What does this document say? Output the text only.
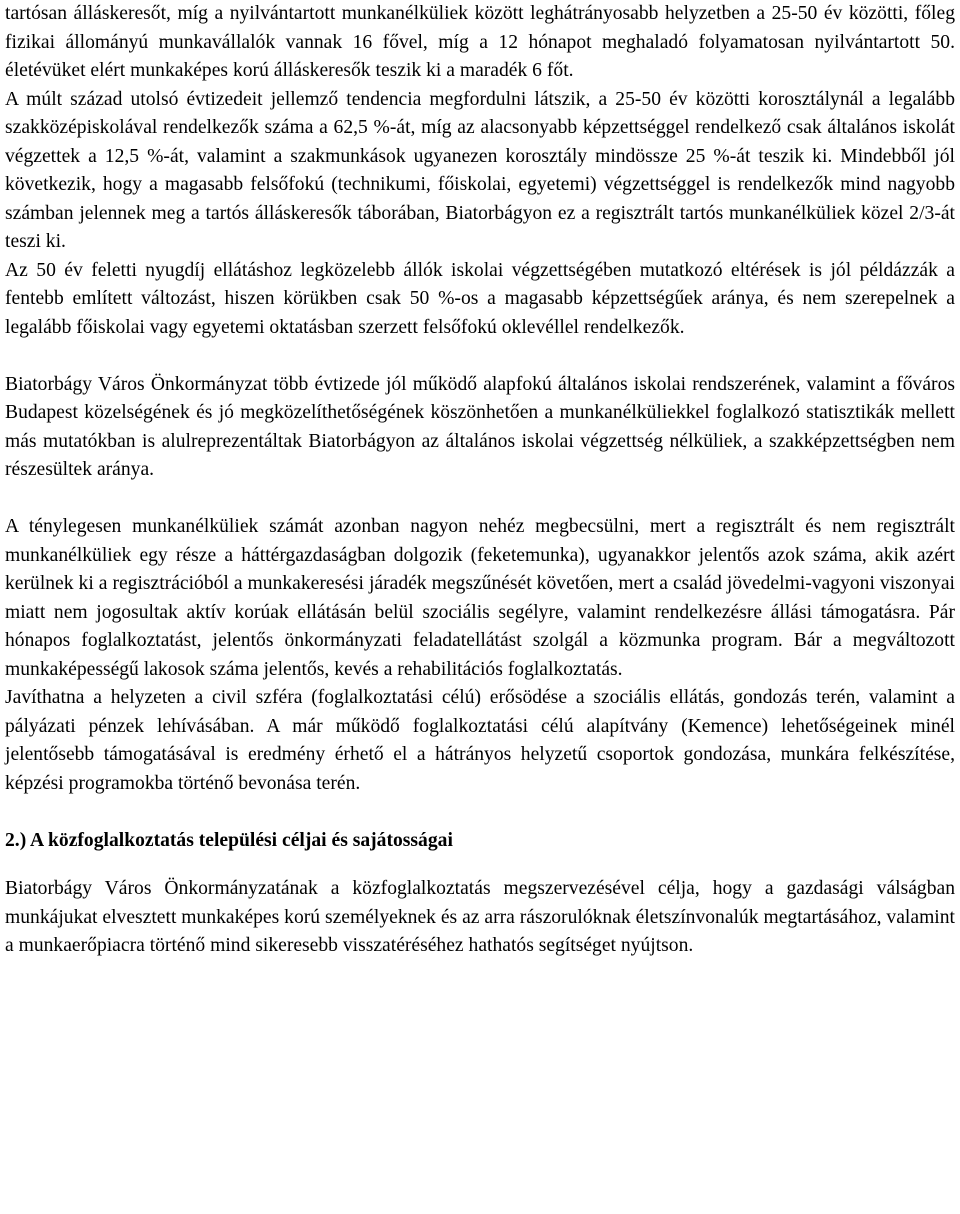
tartósan álláskeresőt, míg a nyilvántartott munkanélküliek között leghátrányosabb helyzetben a 25-50 év közötti, főleg fizikai állományú munkavállalók vannak 16 fővel, míg a 12 hónapot meghaladó folyamatosan nyilvántartott 50. életévüket elért munkaképes korú álláskeresők teszik ki a maradék 6 főt.

A múlt század utolsó évtizedeit jellemző tendencia megfordulni látszik, a 25-50 év közötti korosztálynál a legalább szakközépiskolával rendelkezők száma a 62,5 %-át, míg az alacsonyabb képzettséggel rendelkező csak általános iskolát végzettek a 12,5 %-át, valamint a szakmunkások ugyanezen korosztály mindössze 25 %-át teszik ki. Mindebből jól következik, hogy a magasabb felsőfokú (technikumi, főiskolai, egyetemi) végzettséggel is rendelkezők mind nagyobb számban jelennek meg a tartós álláskeresők táborában, Biatorbágyon ez a regisztrált tartós munkanélküliek közel 2/3-át teszi ki.

Az 50 év feletti nyugdíj ellátáshoz legközelebb állók iskolai végzettségében mutatkozó eltérések is jól példázzák a fentebb említett változást, hiszen körükben csak 50 %-os a magasabb képzettségűek aránya, és nem szerepelnek a legalább főiskolai vagy egyetemi oktatásban szerzett felsőfokú oklevéllel rendelkezők.

Biatorbágy Város Önkormányzat több évtizede jól működő alapfokú általános iskolai rendszerének, valamint a főváros Budapest közelségének és jó megközelíthetőségének köszönhetően a munkanélküliekkel foglalkozó statisztikák mellett más mutatókban is alulreprezentáltak Biatorbágyon az általános iskolai végzettség nélküliek, a szakképzettségben nem részesültek aránya.

A ténylegesen munkanélküliek számát azonban nagyon nehéz megbecsülni, mert a regisztrált és nem regisztrált munkanélküliek egy része a háttérgazdaságban dolgozik (feketemunka), ugyanakkor jelentős azok száma, akik azért kerülnek ki a regisztrációból a munkakeresési járadék megszűnését követően, mert a család jövedelmi-vagyoni viszonyai miatt nem jogosultak aktív korúak ellátásán belül szociális segélyre, valamint rendelkezésre állási támogatásra. Pár hónapos foglalkoztatást, jelentős önkormányzati feladatellátást szolgál a közmunka program. Bár a megváltozott munkaképességű lakosok száma jelentős, kevés a rehabilitációs foglalkoztatás.

Javíthatna a helyzeten a civil szféra (foglalkoztatási célú) erősödése a szociális ellátás, gondozás terén, valamint a pályázati pénzek lehívásában. A már működő foglalkoztatási célú alapítvány (Kemence) lehetőségeinek minél jelentősebb támogatásával is eredmény érhető el a hátrányos helyzetű csoportok gondozása, munkára felkészítése, képzési programokba történő bevonása terén.

2.) A közfoglalkoztatás települési céljai és sajátosságai

Biatorbágy Város Önkormányzatának a közfoglalkoztatás megszervezésével célja, hogy a gazdasági válságban munkájukat elvesztett munkaképes korú személyeknek és az arra rászorulóknak életszínvonalúk megtartásához, valamint a munkaerőpiacra történő mind sikeresebb visszatéréséhez hathatós segítséget nyújtson.
